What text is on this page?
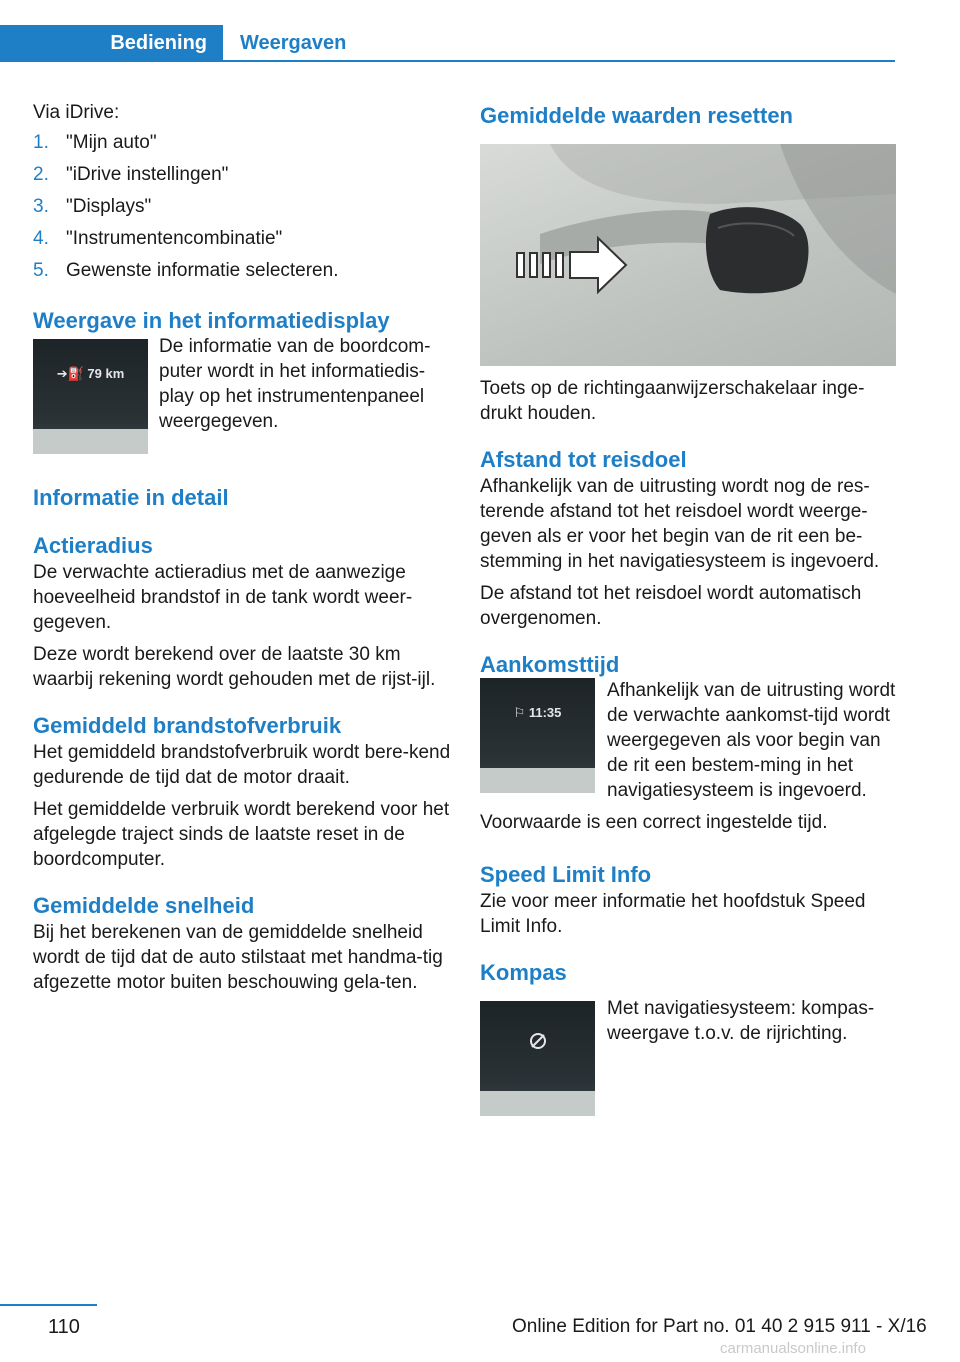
Bediening	Weergaven

Via iDrive:

1. "Mijn auto"
2. "iDrive instellingen"
3. "Displays"
4. "Instrumentencombinatie"
5. Gewenste informatie selecteren.
Weergave in het informatiedisplay
➔⛽ 79 km

De informatie van de boordcom-puter wordt in het informatiedis-play op het instrumentenpaneel weergegeven.

Informatie in detail
Actieradius

De verwachte actieradius met de aanwezige hoeveelheid brandstof in de tank wordt weer-gegeven.

Deze wordt berekend over de laatste 30 km waarbij rekening wordt gehouden met de rijst-ijl.

Gemiddeld brandstofverbruik

Het gemiddeld brandstofverbruik wordt bere-kend gedurende de tijd dat de motor draait.

Het gemiddelde verbruik wordt berekend voor het afgelegde traject sinds de laatste reset in de boordcomputer.

Gemiddelde snelheid

Bij het berekenen van de gemiddelde snelheid wordt de tijd dat de auto stilstaat met handma-tig afgezette motor buiten beschouwing gela-ten.

Gemiddelde waarden resetten

Toets op de richtingaanwijzerschakelaar inge-drukt houden.

Afstand tot reisdoel

Afhankelijk van de uitrusting wordt nog de res-terende afstand tot het reisdoel wordt weerge-geven als er voor het begin van de rit een be-stemming in het navigatiesysteem is ingevoerd.

De afstand tot het reisdoel wordt automatisch overgenomen.

Aankomsttijd
⚐ 11:35

Afhankelijk van de uitrusting wordt de verwachte aankomst-tijd wordt weergegeven als voor begin van de rit een bestem-ming in het navigatiesysteem is ingevoerd.

Voorwaarde is een correct ingestelde tijd.

Speed Limit Info

Zie voor meer informatie het hoofdstuk Speed Limit Info.

Kompas

Met navigatiesysteem: kompas-weergave t.o.v. de rijrichting.

110	Online Edition for Part no. 01 40 2 915 911 - X/16
carmanualsonline.info
